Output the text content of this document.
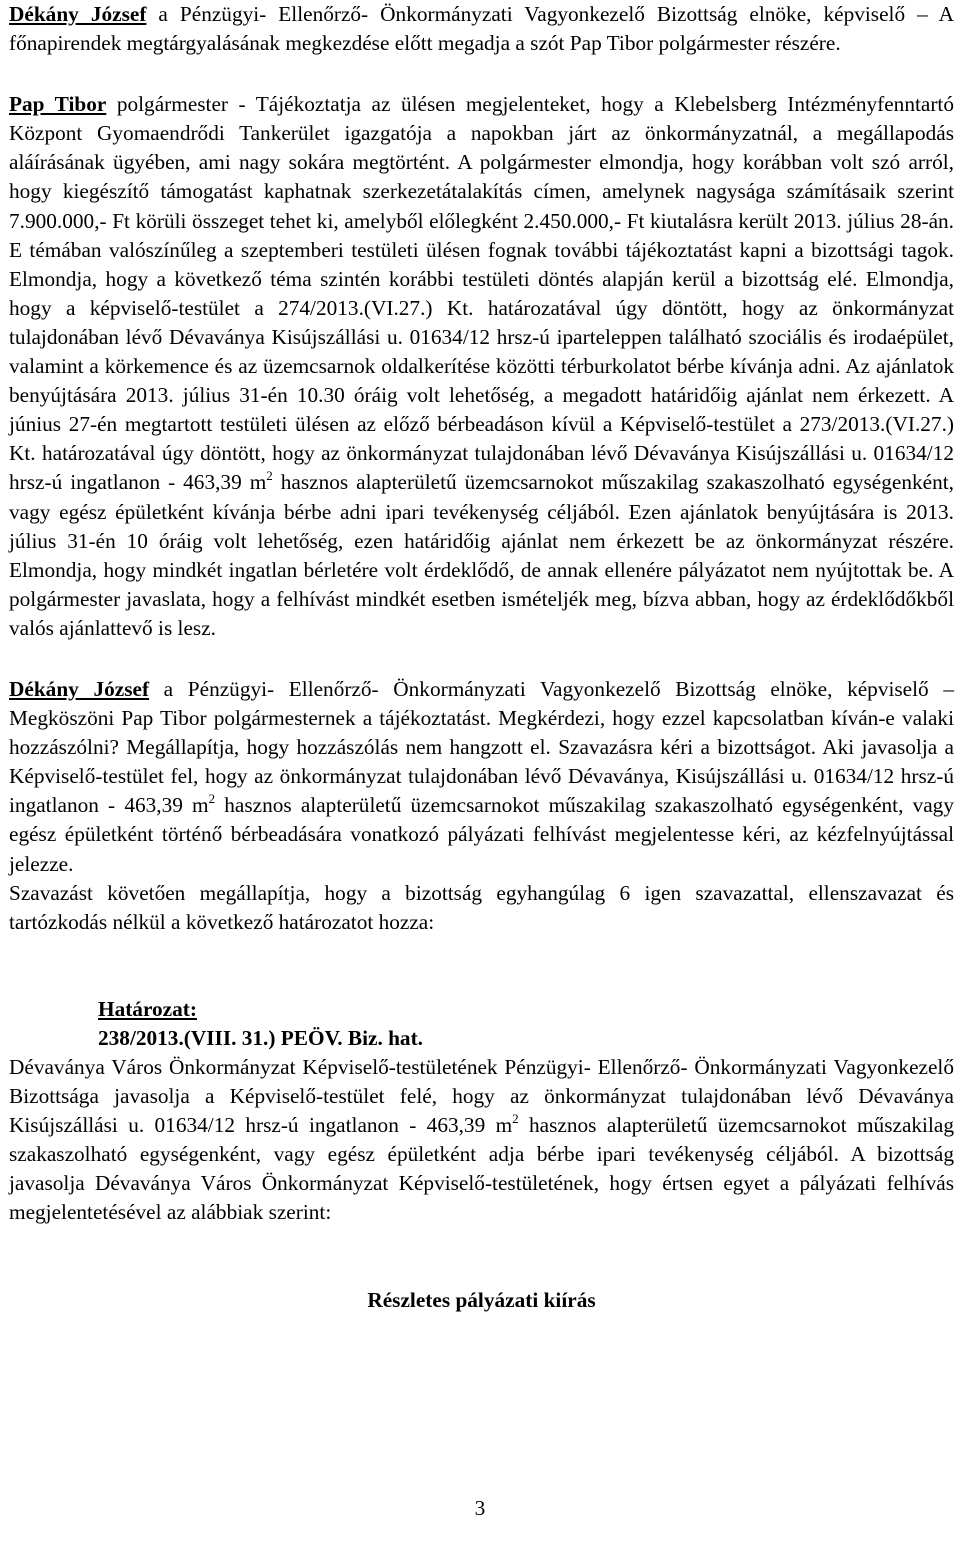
Dékány József a Pénzügyi- Ellenőrző- Önkormányzati Vagyonkezelő Bizottság elnöke, képviselő – A főnapirendek megtárgyalásának megkezdése előtt megadja a szót Pap Tibor polgármester részére.

Pap Tibor polgármester - Tájékoztatja az ülésen megjelenteket, hogy a Klebelsberg Intézményfenntartó Központ Gyomaendrődi Tankerület igazgatója a napokban járt az önkormányzatnál, a megállapodás aláírásának ügyében, ami nagy sokára megtörtént. A polgármester elmondja, hogy korábban volt szó arról, hogy kiegészítő támogatást kaphatnak szerkezetátalakítás címen, amelynek nagysága számításaik szerint 7.900.000,- Ft körüli összeget tehet ki, amelyből előlegként 2.450.000,- Ft kiutalásra került 2013. július 28-án. E témában valószínűleg a szeptemberi testületi ülésen fognak további tájékoztatást kapni a bizottsági tagok. Elmondja, hogy a következő téma szintén korábbi testületi döntés alapján kerül a bizottság elé. Elmondja, hogy a képviselő-testület a 274/2013.(VI.27.) Kt. határozatával úgy döntött, hogy az önkormányzat tulajdonában lévő Dévaványa Kisújszállási u. 01634/12 hrsz-ú iparteleppen található szociális és irodaépület, valamint a körkemence és az üzemcsarnok oldalkerítése közötti térburkolatot bérbe kívánja adni. Az ajánlatok benyújtására 2013. július 31-én 10.30 óráig volt lehetőség, a megadott határidőig ajánlat nem érkezett. A június 27-én megtartott testületi ülésen az előző bérbeadáson kívül a Képviselő-testület a 273/2013.(VI.27.) Kt. határozatával úgy döntött, hogy az önkormányzat tulajdonában lévő Dévaványa Kisújszállási u. 01634/12 hrsz-ú ingatlanon - 463,39 $m^2$ hasznos alapterületű üzemcsarnokot műszakilag szakaszolható egységenként, vagy egész épületként kívánja bérbe adni ipari tevékenység céljából. Ezen ajánlatok benyújtására is 2013. július 31-én 10 óráig volt lehetőség, ezen határidőig ajánlat nem érkezett be az önkormányzat részére. Elmondja, hogy mindkét ingatlan bérletére volt érdeklődő, de annak ellenére pályázatot nem nyújtottak be. A polgármester javaslata, hogy a felhívást mindkét esetben ismételjék meg, bízva abban, hogy az érdeklődőkből valós ajánlattevő is lesz.

Dékány József a Pénzügyi- Ellenőrző- Önkormányzati Vagyonkezelő Bizottság elnöke, képviselő – Megköszöni Pap Tibor polgármesternek a tájékoztatást. Megkérdezi, hogy ezzel kapcsolatban kíván-e valaki hozzászólni? Megállapítja, hogy hozzászólás nem hangzott el. Szavazásra kéri a bizottságot. Aki javasolja a Képviselő-testület fel, hogy az önkormányzat tulajdonában lévő Dévaványa, Kisújszállási u. 01634/12 hrsz-ú ingatlanon - 463,39 $m^2$ hasznos alapterületű üzemcsarnokot műszakilag szakaszolható egységenként, vagy egész épületként történő bérbeadására vonatkozó pályázati felhívást megjelentesse kéri, az kézfelnyújtással jelezze.

Szavazást követően megállapítja, hogy a bizottság egyhangúlag 6 igen szavazattal, ellenszavazat és tartózkodás nélkül a következő határozatot hozza:

Határozat:

238/2013.(VIII. 31.) PEÖV. Biz. hat.

Dévaványa Város Önkormányzat Képviselő-testületének Pénzügyi- Ellenőrző- Önkormányzati Vagyonkezelő Bizottsága javasolja a Képviselő-testület felé, hogy az önkormányzat tulajdonában lévő Dévaványa Kisújszállási u. 01634/12 hrsz-ú ingatlanon - 463,39 $m^2$ hasznos alapterületű üzemcsarnokot műszakilag szakaszolható egységenként, vagy egész épületként adja bérbe ipari tevékenység céljából. A bizottság javasolja Dévaványa Város Önkormányzat Képviselő-testületének, hogy értsen egyet a pályázati felhívás megjelentetésével az alábbiak szerint:

Részletes pályázati kiírás

3
